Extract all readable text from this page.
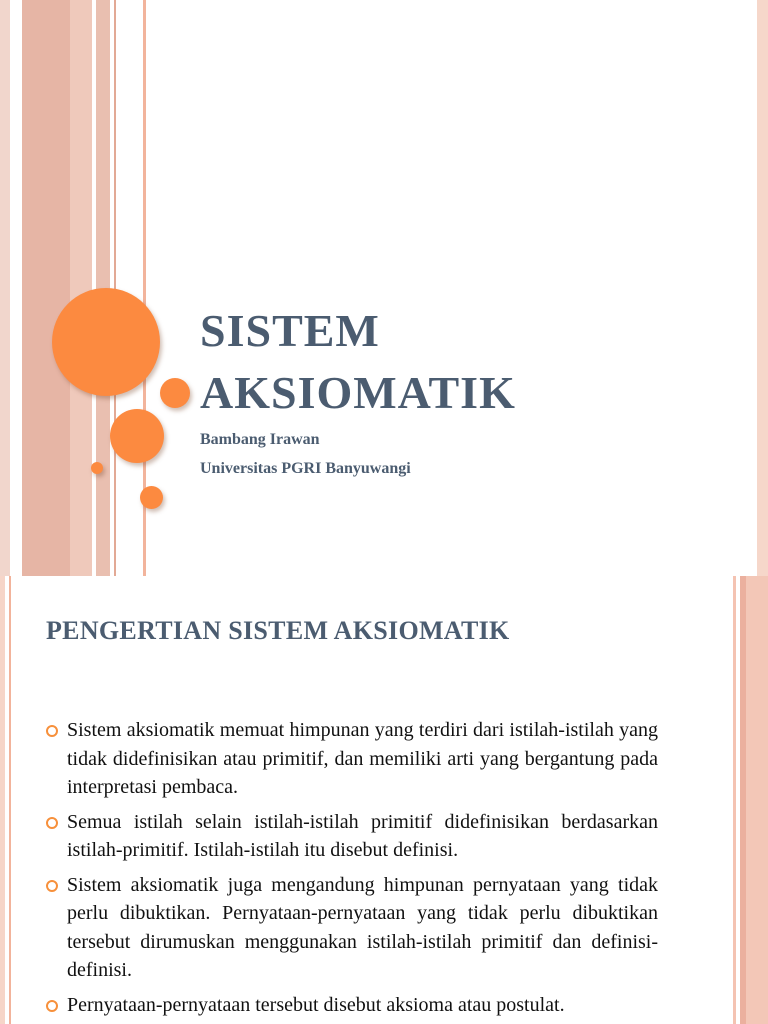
SISTEM
AKSIOMATIK

Bambang Irawan
Universitas PGRI Banyuwangi

PENGERTIAN SISTEM AKSIOMATIK
Sistem aksiomatik memuat himpunan yang terdiri dari istilah-istilah yang tidak didefinisikan atau primitif, dan memiliki arti yang bergantung pada interpretasi pembaca.
Semua istilah selain istilah-istilah primitif didefinisikan berdasarkan istilah-primitif. Istilah-istilah itu disebut definisi.
Sistem aksiomatik juga mengandung himpunan pernyataan yang tidak perlu dibuktikan. Pernyataan-pernyataan yang tidak perlu dibuktikan tersebut dirumuskan menggunakan istilah-istilah primitif dan definisi-definisi.
Pernyataan-pernyataan tersebut disebut aksioma atau postulat.
